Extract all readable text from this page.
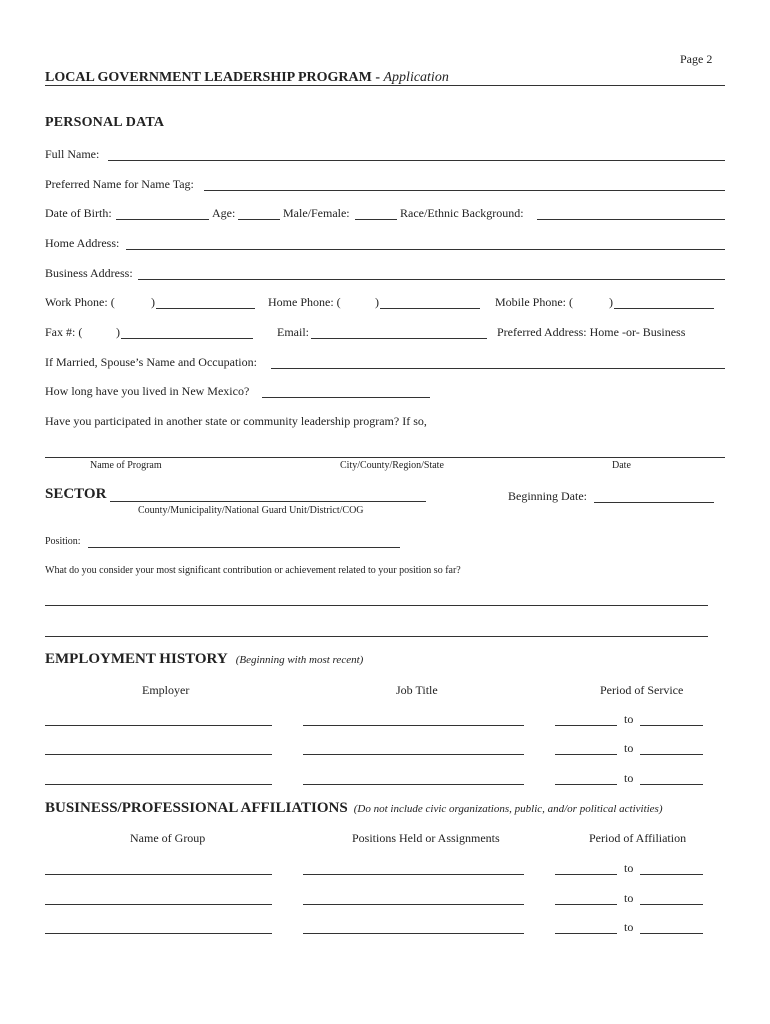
Page 2
LOCAL GOVERNMENT LEADERSHIP PROGRAM - Application
PERSONAL DATA
Full Name:
Preferred Name for Name Tag:
Date of Birth:	Age:	Male/Female:	Race/Ethnic Background:
Home Address:
Business Address:
Work Phone: (	)	Home Phone: (	)	Mobile Phone: (	)
Fax #: (	)	Email:	Preferred Address: Home -or- Business
If Married, Spouse’s Name and Occupation:
How long have you lived in New Mexico?
Have you participated in another state or community leadership program? If so,
Name of Program	City/County/Region/State	Date
SECTOR	Beginning Date:
County/Municipality/National Guard Unit/District/COG
Position:
What do you consider your most significant contribution or achievement related to your position so far?
EMPLOYMENT HISTORY (Beginning with most recent)
Employer	Job Title	Period of Service
to
to
to
BUSINESS/PROFESSIONAL AFFILIATIONS (Do not include civic organizations, public, and/or political activities)
Name of Group	Positions Held or Assignments	Period of Affiliation
to
to
to
